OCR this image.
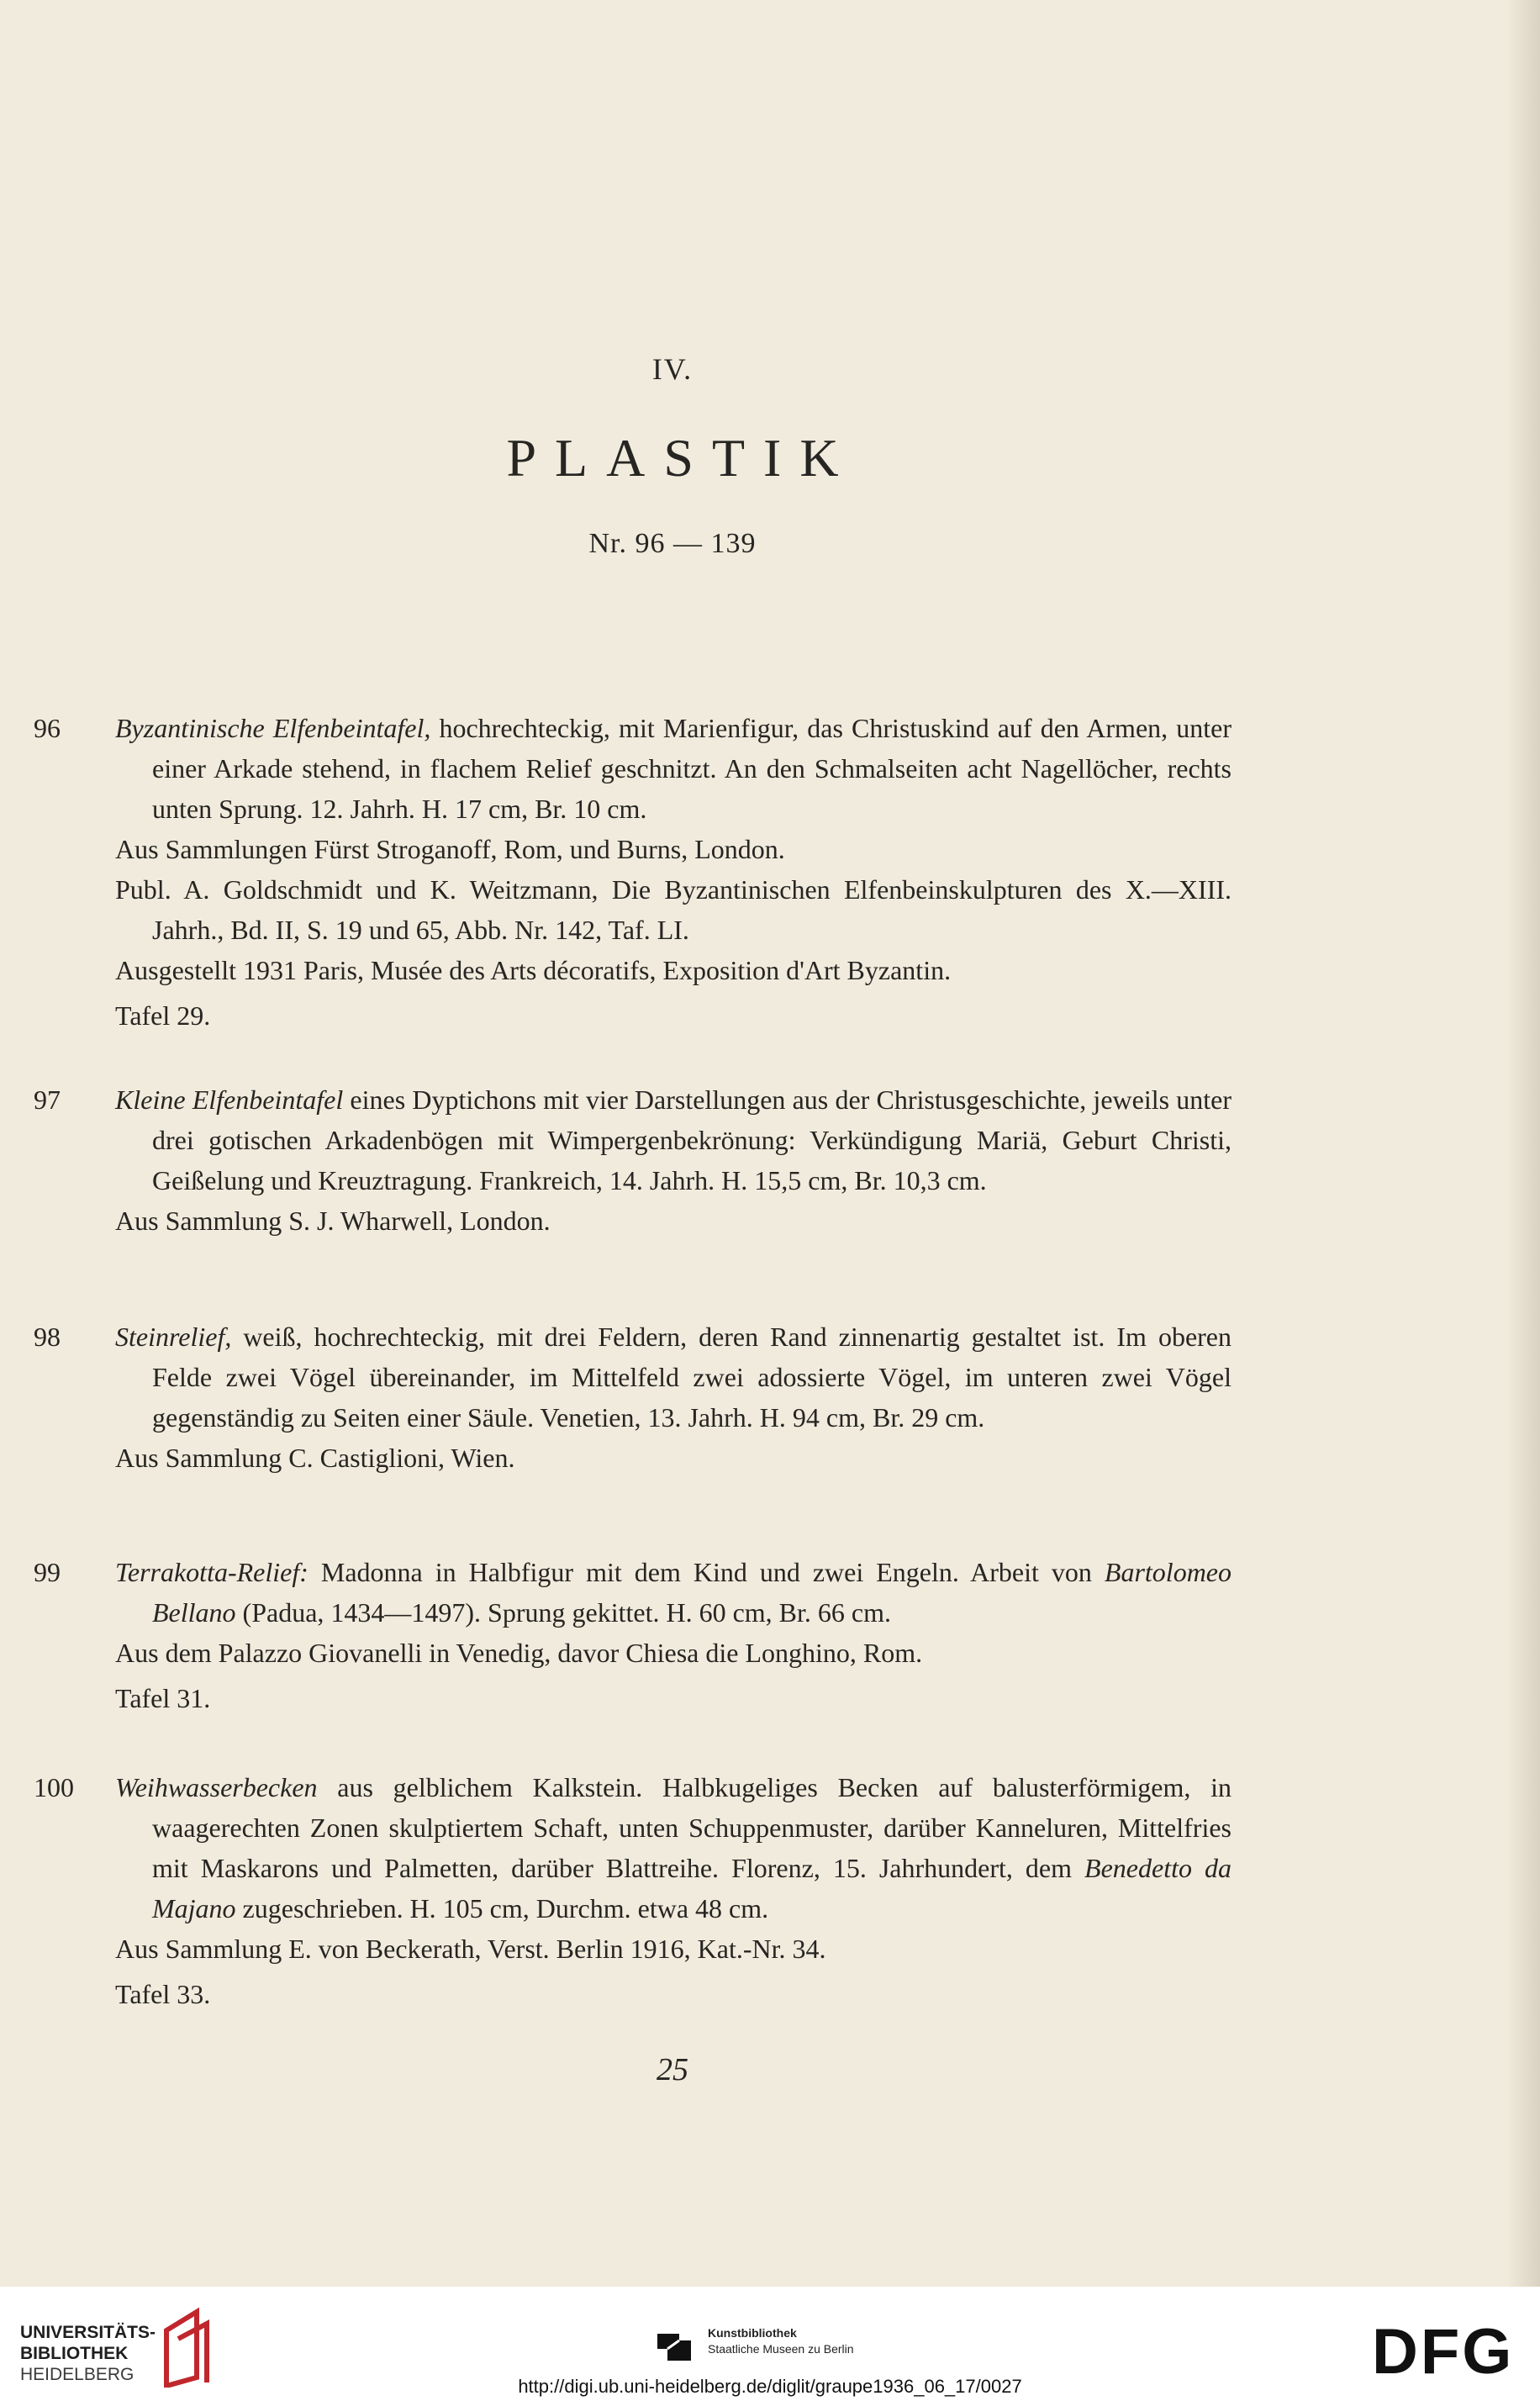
IV.
PLASTIK
Nr. 96 — 139
96	Byzantinische Elfenbeintafel, hochrechteckig, mit Marienfigur, das Christuskind auf den Armen, unter einer Arkade stehend, in flachem Relief geschnitzt. An den Schmalseiten acht Nagellöcher, rechts unten Sprung. 12. Jahrh. H. 17 cm, Br. 10 cm.
Aus Sammlungen Fürst Stroganoff, Rom, und Burns, London.
Publ. A. Goldschmidt und K. Weitzmann, Die Byzantinischen Elfenbeinskulpturen des X.—XIII. Jahrh., Bd. II, S. 19 und 65, Abb. Nr. 142, Taf. LI.
Ausgestellt 1931 Paris, Musée des Arts décoratifs, Exposition d'Art Byzantin.
Tafel 29.
97	Kleine Elfenbeintafel eines Dyptichons mit vier Darstellungen aus der Christusgeschichte, jeweils unter drei gotischen Arkadenbögen mit Wimpergenbekrönung: Verkündigung Mariä, Geburt Christi, Geißelung und Kreuztragung. Frankreich, 14. Jahrh. H. 15,5 cm, Br. 10,3 cm.
Aus Sammlung S. J. Wharwell, London.
98	Steinrelief, weiß, hochrechteckig, mit drei Feldern, deren Rand zinnenartig gestaltet ist. Im oberen Felde zwei Vögel übereinander, im Mittelfeld zwei adossierte Vögel, im unteren zwei Vögel gegenständig zu Seiten einer Säule. Venetien, 13. Jahrh. H. 94 cm, Br. 29 cm.
Aus Sammlung C. Castiglioni, Wien.
99	Terrakotta-Relief: Madonna in Halbfigur mit dem Kind und zwei Engeln. Arbeit von Bartolomeo Bellano (Padua, 1434—1497). Sprung gekittet. H. 60 cm, Br. 66 cm.
Aus dem Palazzo Giovanelli in Venedig, davor Chiesa die Longhino, Rom.
Tafel 31.
100	Weihwasserbecken aus gelblichem Kalkstein. Halbkugeliges Becken auf balusterförmigem, in waagerechten Zonen skulptiertem Schaft, unten Schuppenmuster, darüber Kanneluren, Mittelfries mit Maskarons und Palmetten, darüber Blattreihe. Florenz, 15. Jahrhundert, dem Benedetto da Majano zugeschrieben. H. 105 cm, Durchm. etwa 48 cm.
Aus Sammlung E. von Beckerath, Verst. Berlin 1916, Kat.-Nr. 34.
Tafel 33.
25
UNIVERSITÄTS-
BIBLIOTHEK
HEIDELBERG
Kunstbibliothek
Staatliche Museen zu Berlin	DFG
http://digi.ub.uni-heidelberg.de/diglit/graupe1936_06_17/0027
